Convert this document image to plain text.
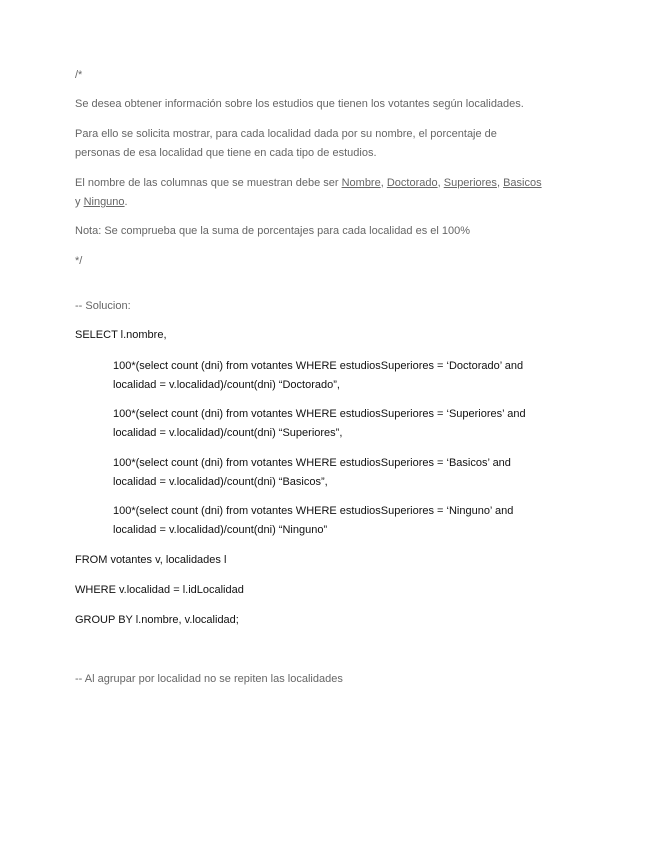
/*
Se desea obtener información sobre los estudios que tienen los votantes según localidades.
Para ello se solicita mostrar, para cada localidad dada por su nombre, el porcentaje de
personas de esa localidad que tiene en cada tipo de estudios.
El nombre de las columnas que se muestran debe ser Nombre, Doctorado, Superiores, Basicos
y Ninguno.
Nota: Se comprueba que la suma de porcentajes para cada localidad es el 100%
*/
-- Solucion:
SELECT l.nombre,
100*(select count (dni) from votantes WHERE estudiosSuperiores = ‘Doctorado’ and
localidad = v.localidad)/count(dni) “Doctorado”,
100*(select count (dni) from votantes WHERE estudiosSuperiores = ‘Superiores’ and
localidad = v.localidad)/count(dni) “Superiores”,
100*(select count (dni) from votantes WHERE estudiosSuperiores = ‘Basicos’ and
localidad = v.localidad)/count(dni) “Basicos”,
100*(select count (dni) from votantes WHERE estudiosSuperiores = ‘Ninguno’ and
localidad = v.localidad)/count(dni) “Ninguno”
FROM votantes v, localidades l
WHERE v.localidad = l.idLocalidad
GROUP BY l.nombre, v.localidad;
-- Al agrupar por localidad no se repiten las localidades
